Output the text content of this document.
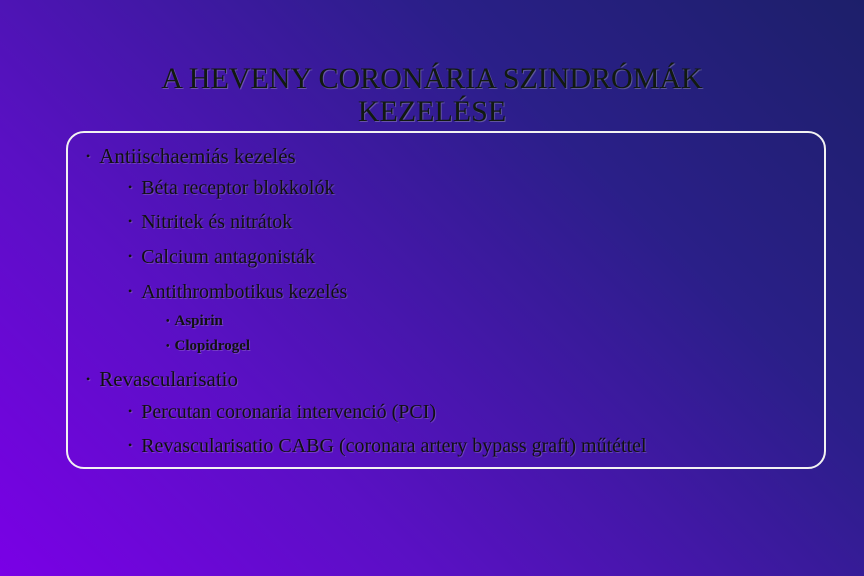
A HEVENY CORONÁRIA SZINDRÓMÁK
KEZELÉSE
• Antiischaemiás kezelés
• Béta receptor blokkolók
• Nitritek és nitrátok
• Calcium antagonisták
• Antithrombotikus kezelés
• Aspirin
• Clopidrogel
• Revascularisatio
• Percutan coronaria intervenció (PCI)
• Revascularisatio CABG (coronara artery bypass graft) műtéttel
